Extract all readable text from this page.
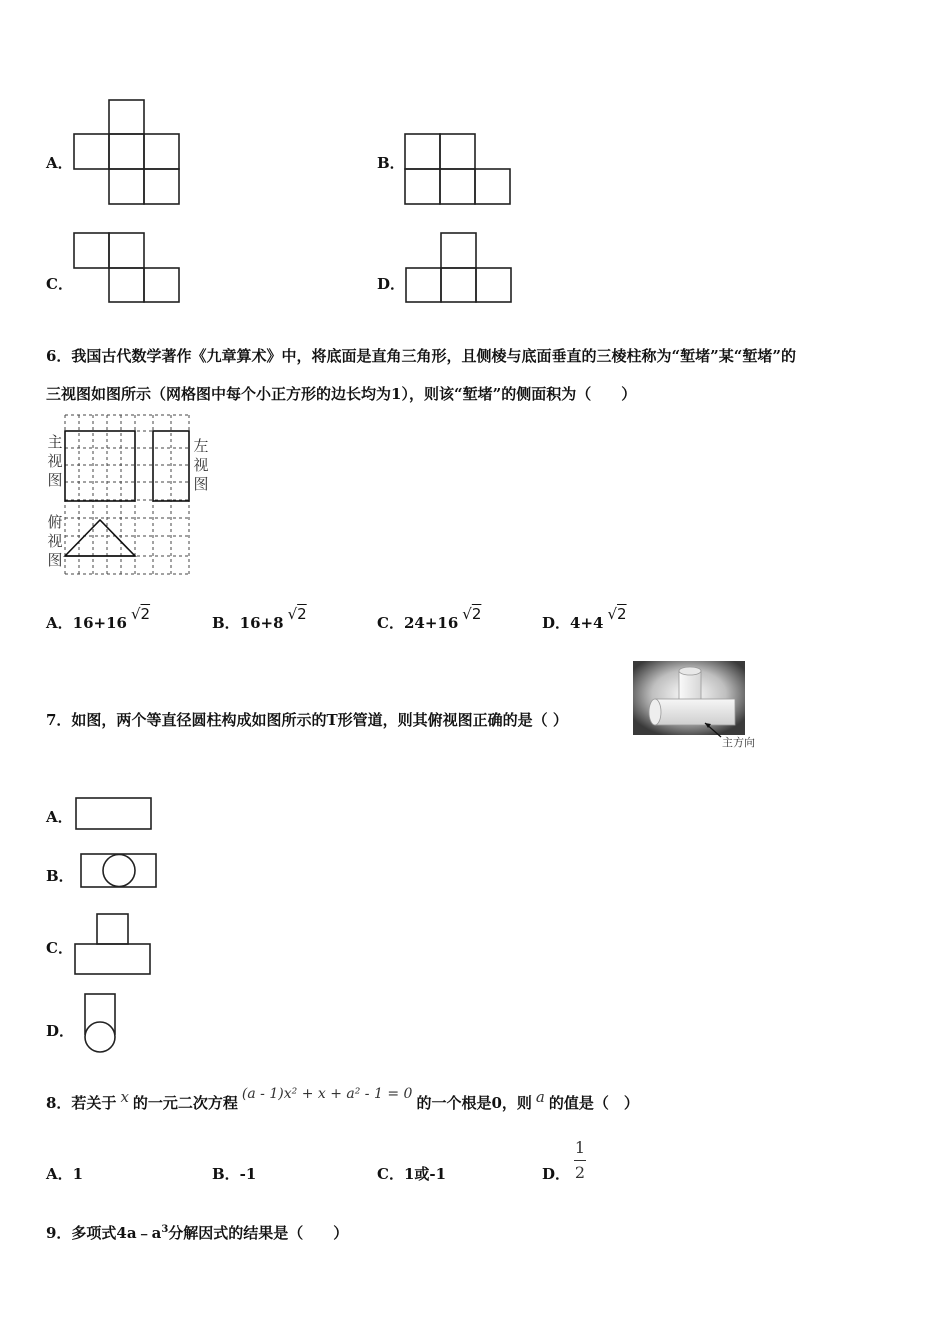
A．	B．
C．	D．
6．我国古代数学著作《九章算术》中，将底面是直角三角形，且侧棱与底面垂直的三棱柱称为“堑堵”某“堑堵”的
三视图如图所示（网格图中每个小正方形的边长均为1），则该“堑堵”的侧面积为（　　）
主视图
左视图
俯视图
A．16+16 √2	B．16+8 √2	C．24+16 √2	D．4+4 √2
7．如图，两个等直径圆柱构成如图所示的T形管道，则其俯视图正确的是（ ）
主方向
A．
B．
C．
D．
8．若关于 x 的一元二次方程 (a - 1)x² + x + a² - 1 = 0 的一个根是0，则 a 的值是（　）
A．1	B．-1	C．1或-1	D．
1
2
9．多项式$4a﹣a^3$分解因式的结果是（　　）
